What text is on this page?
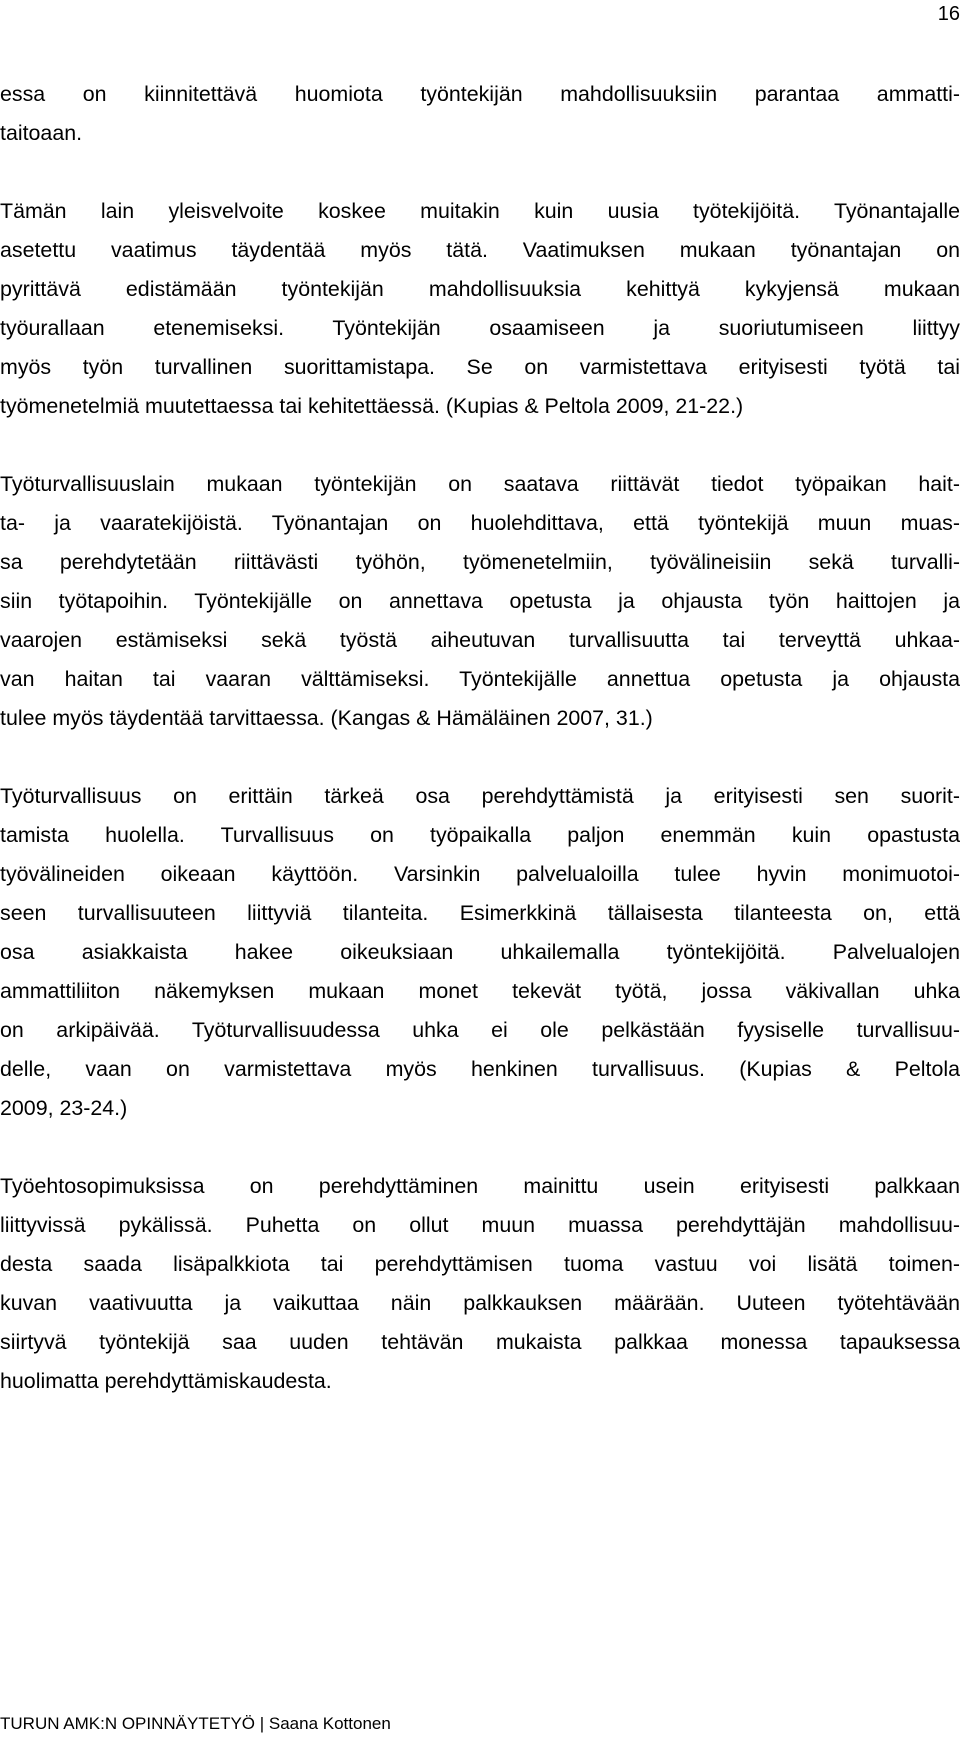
16

essa on kiinnitettävä huomiota työntekijän mahdollisuuksiin parantaa ammatti-
taitoaan.

Tämän lain yleisvelvoite koskee muitakin kuin uusia työtekijöitä. Työnantajalle
asetettu vaatimus täydentää myös tätä. Vaatimuksen mukaan työnantajan on
pyrittävä edistämään työntekijän mahdollisuuksia kehittyä kykyjensä mukaan
työurallaan etenemiseksi. Työntekijän osaamiseen ja suoriutumiseen liittyy
myös työn turvallinen suorittamistapa. Se on varmistettava erityisesti työtä tai
työmenetelmiä muutettaessa tai kehitettäessä. (Kupias & Peltola 2009, 21-22.)

Työturvallisuuslain mukaan työntekijän on saatava riittävät tiedot työpaikan hait-
ta- ja vaaratekijöistä. Työnantajan on huolehdittava, että työntekijä muun muas-
sa perehdytetään riittävästi työhön, työmenetelmiin, työvälineisiin sekä turvalli-
siin työtapoihin. Työntekijälle on annettava opetusta ja ohjausta työn haittojen ja
vaarojen estämiseksi sekä työstä aiheutuvan turvallisuutta tai terveyttä uhkaa-
van haitan tai vaaran välttämiseksi. Työntekijälle annettua opetusta ja ohjausta
tulee myös täydentää tarvittaessa. (Kangas & Hämäläinen 2007, 31.)

Työturvallisuus on erittäin tärkeä osa perehdyttämistä ja erityisesti sen suorit-
tamista huolella. Turvallisuus on työpaikalla paljon enemmän kuin opastusta
työvälineiden oikeaan käyttöön. Varsinkin palvelualoilla tulee hyvin monimuotoi-
seen turvallisuuteen liittyviä tilanteita. Esimerkkinä tällaisesta tilanteesta on, että
osa asiakkaista hakee oikeuksiaan uhkailemalla työntekijöitä. Palvelualojen
ammattiliiton näkemyksen mukaan monet tekevät työtä, jossa väkivallan uhka
on arkipäivää. Työturvallisuudessa uhka ei ole pelkästään fyysiselle turvallisuu-
delle, vaan on varmistettava myös henkinen turvallisuus. (Kupias & Peltola
2009, 23-24.)

Työehtosopimuksissa on perehdyttäminen mainittu usein erityisesti palkkaan
liittyvissä pykälissä. Puhetta on ollut muun muassa perehdyttäjän mahdollisuu-
desta saada lisäpalkkiota tai perehdyttämisen tuoma vastuu voi lisätä toimen-
kuvan vaativuutta ja vaikuttaa näin palkkauksen määrään. Uuteen työtehtävään
siirtyvä työntekijä saa uuden tehtävän mukaista palkkaa monessa tapauksessa
huolimatta perehdyttämiskaudesta.

TURUN AMK:N OPINNÄYTETYÖ | Saana Kottonen
